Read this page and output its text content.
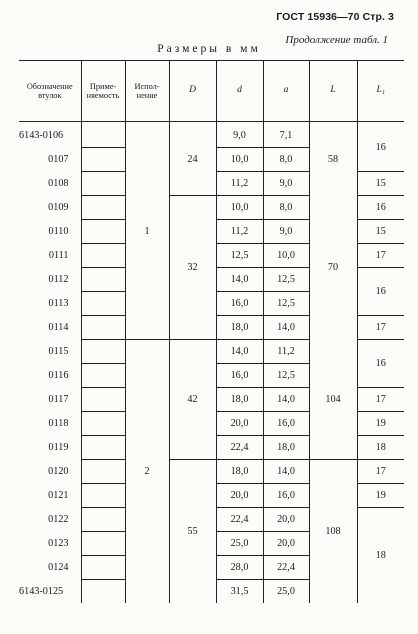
ГОСТ 15936—70 Стр. 3
Продолжение табл. 1
Размеры в мм
Обозначение втулок	Приме- няемость	Испол- нение	D	d	a	L	L₁
6143-0106		1	24	9,0	7,1	58	16
0107				10,0	8,0		
0108				11,2	9,0		15
0109			32	10,0	8,0	70	16
0110				11,2	9,0		15
0111				12,5	10,0		17
0112				14,0	12,5		16
0113				16,0	12,5		
0114				18,0	14,0		17
0115		2	42	14,0	11,2	104	16
0116				16,0	12,5		
0117				18,0	14,0		17
0118				20,0	16,0		19
0119				22,4	18,0		18
0120			55	18,0	14,0	108	17
0121				20,0	16,0		19
0122				22,4	20,0		18
0123				25,0	20,0		
0124				28,0	22,4		
6143-0125				31,5	25,0		
